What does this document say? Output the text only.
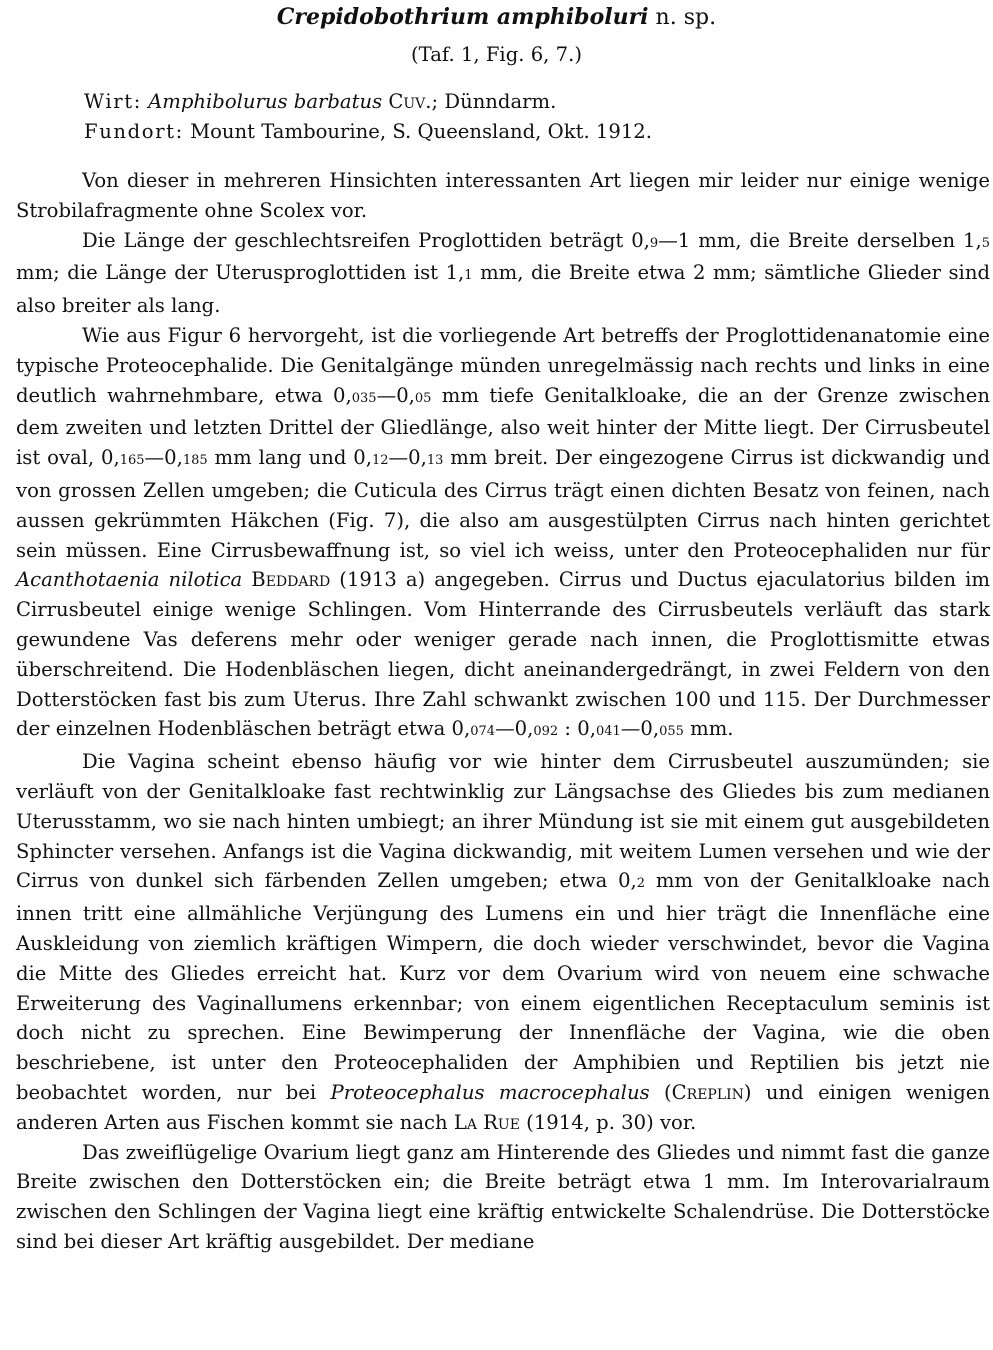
Crepidobothrium amphiboluri n. sp.
(Taf. 1, Fig. 6, 7.)
Wirt: Amphibolurus barbatus Cuv.; Dünndarm.
Fundort: Mount Tambourine, S. Queensland, Okt. 1912.

Von dieser in mehreren Hinsichten interessanten Art liegen mir leider nur einige wenige Strobilafragmente ohne Scolex vor.

Die Länge der geschlechtsreifen Proglottiden beträgt 0,9—1 mm, die Breite derselben 1,5 mm; die Länge der Uterusproglottiden ist 1,1 mm, die Breite etwa 2 mm; sämtliche Glieder sind also breiter als lang.

Wie aus Figur 6 hervorgeht, ist die vorliegende Art betreffs der Proglottidenanatomie eine typische Proteocephalide. Die Genitalgänge münden unregelmässig nach rechts und links in eine deutlich wahrnehmbare, etwa 0,035—0,05 mm tiefe Genitalkloake, die an der Grenze zwischen dem zweiten und letzten Drittel der Gliedlänge, also weit hinter der Mitte liegt. Der Cirrusbeutel ist oval, 0,165—0,185 mm lang und 0,12—0,13 mm breit. Der eingezogene Cirrus ist dickwandig und von grossen Zellen umgeben; die Cuticula des Cirrus trägt einen dichten Besatz von feinen, nach aussen gekrümmten Häkchen (Fig. 7), die also am ausgestülpten Cirrus nach hinten gerichtet sein müssen. Eine Cirrusbewaffnung ist, so viel ich weiss, unter den Proteocephaliden nur für Acanthotaenia nilotica Beddard (1913 a) angegeben. Cirrus und Ductus ejaculatorius bilden im Cirrusbeutel einige wenige Schlingen. Vom Hinterrande des Cirrusbeutels verläuft das stark gewundene Vas deferens mehr oder weniger gerade nach innen, die Proglottismitte etwas überschreitend. Die Hodenbläschen liegen, dicht aneinandergedrängt, in zwei Feldern von den Dotterstöcken fast bis zum Uterus. Ihre Zahl schwankt zwischen 100 und 115. Der Durchmesser der einzelnen Hodenbläschen beträgt etwa 0,074—0,092 : 0,041—0,055 mm.

Die Vagina scheint ebenso häufig vor wie hinter dem Cirrusbeutel auszumünden; sie verläuft von der Genitalkloake fast rechtwinklig zur Längsachse des Gliedes bis zum medianen Uterusstamm, wo sie nach hinten umbiegt; an ihrer Mündung ist sie mit einem gut ausgebildeten Sphincter versehen. Anfangs ist die Vagina dickwandig, mit weitem Lumen versehen und wie der Cirrus von dunkel sich färbenden Zellen umgeben; etwa 0,2 mm von der Genitalkloake nach innen tritt eine allmähliche Verjüngung des Lumens ein und hier trägt die Innenfläche eine Auskleidung von ziemlich kräftigen Wimpern, die doch wieder verschwindet, bevor die Vagina die Mitte des Gliedes erreicht hat. Kurz vor dem Ovarium wird von neuem eine schwache Erweiterung des Vaginallumens erkennbar; von einem eigentlichen Receptaculum seminis ist doch nicht zu sprechen. Eine Bewimperung der Innenfläche der Vagina, wie die oben beschriebene, ist unter den Proteocephaliden der Amphibien und Reptilien bis jetzt nie beobachtet worden, nur bei Proteocephalus macrocephalus (Creplin) und einigen wenigen anderen Arten aus Fischen kommt sie nach La Rue (1914, p. 30) vor.

Das zweiflügelige Ovarium liegt ganz am Hinterende des Gliedes und nimmt fast die ganze Breite zwischen den Dotterstöcken ein; die Breite beträgt etwa 1 mm. Im Interovarialraum zwischen den Schlingen der Vagina liegt eine kräftig entwickelte Schalendrüse. Die Dotterstöcke sind bei dieser Art kräftig ausgebildet. Der mediane
